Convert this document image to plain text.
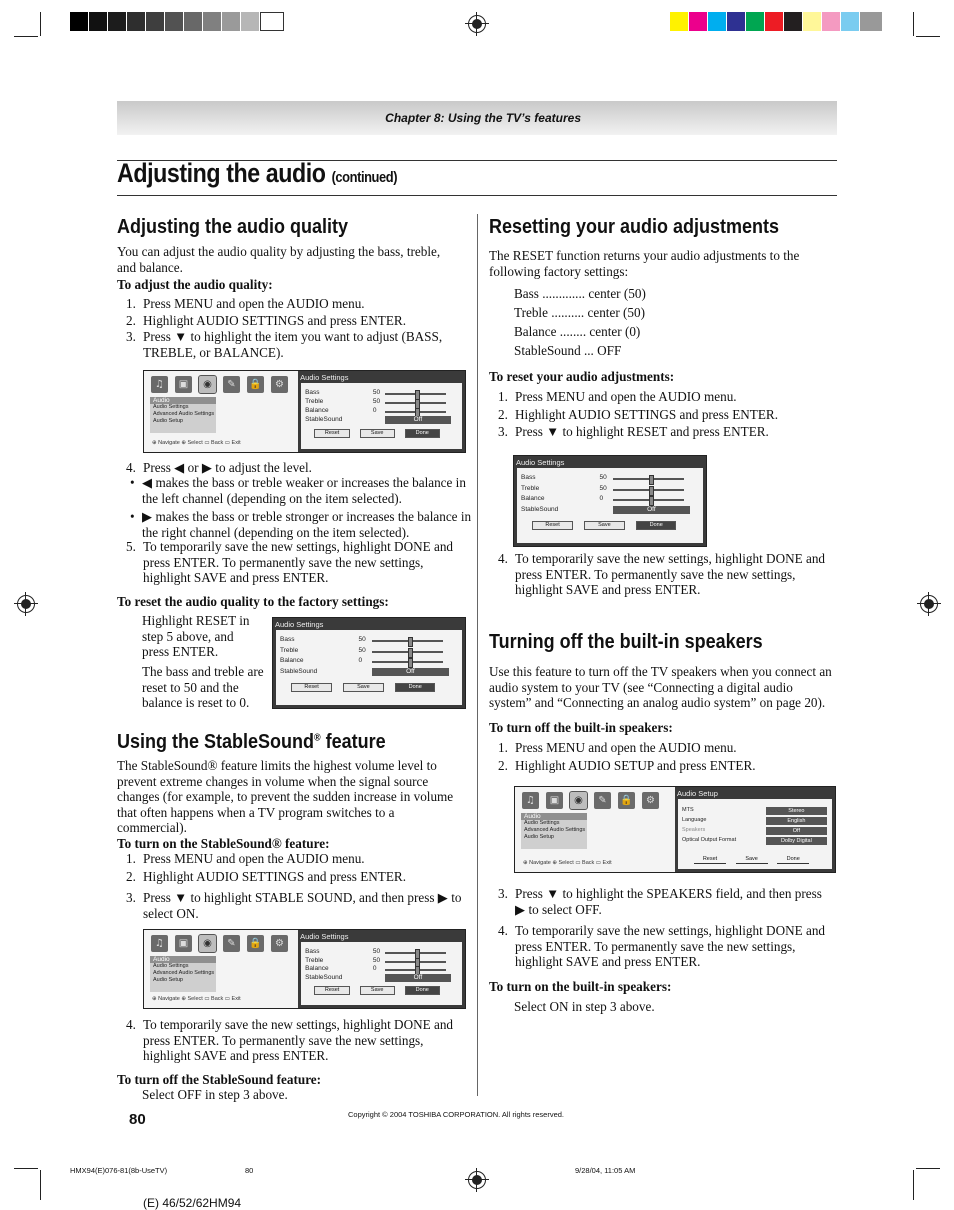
Chapter 8: Using the TV’s features
Adjusting the audio (continued)
Adjusting the audio quality

You can adjust the audio quality by adjusting the bass, treble, and balance.

To adjust the audio quality:

1. Press MENU and open the AUDIO menu.
2. Highlight AUDIO SETTINGS and press ENTER.
3. Press ▼ to highlight the item you want to adjust (BASS, TREBLE, or BALANCE).
♫	▣	◉	✎	🔒	⚙
Audio
Audio Settings
Advanced Audio Settings
Audio Setup
⊕ Navigate ⊕ Select ▭ Back ▭ Exit
Audio Settings
Bass	50
Treble	50
Balance	0
StableSound	Off
Reset	Save	Done
4. Press ◀ or ▶ to adjust the level.

• ◀ makes the bass or treble weaker or increases the balance in the left channel (depending on the item selected).

• ▶ makes the bass or treble stronger or increases the balance in the right channel (depending on the item selected).

5. To temporarily save the new settings, highlight DONE and press ENTER. To permanently save the new settings, highlight SAVE and press ENTER.

To reset the audio quality to the factory settings:

Highlight RESET in step 5 above, and press ENTER.

The bass and treble are reset to 50 and the balance is reset to 0.

Audio Settings
Bass	50
Treble	50
Balance	0
StableSound	Off
Reset	Save	Done
Using the StableSound® feature

The StableSound® feature limits the highest volume level to prevent extreme changes in volume when the signal source changes (for example, to prevent the sudden increase in volume that often happens when a TV program switches to a commercial).

To turn on the StableSound® feature:

1. Press MENU and open the AUDIO menu.
2. Highlight AUDIO SETTINGS and press ENTER.
3. Press ▼ to highlight STABLE SOUND, and then press ▶ to select ON.
♫	▣	◉	✎	🔒	⚙
Audio
Audio Settings
Advanced Audio Settings
Audio Setup
⊕ Navigate ⊕ Select ▭ Back ▭ Exit
Audio Settings
Bass	50
Treble	50
Balance	0
StableSound	Off
Reset	Save	Done
4. To temporarily save the new settings, highlight DONE and press ENTER. To permanently save the new settings, highlight SAVE and press ENTER.

To turn off the StableSound feature:

Select OFF in step 3 above.

Resetting your audio adjustments

The RESET function returns your audio adjustments to the following factory settings:

Bass ............. center (50)
Treble .......... center (50)
Balance ........ center (0)
StableSound ... OFF

To reset your audio adjustments:

1. Press MENU and open the AUDIO menu.
2. Highlight AUDIO SETTINGS and press ENTER.
3. Press ▼ to highlight RESET and press ENTER.
Audio Settings
Bass	50
Treble	50
Balance	0
StableSound	Off
Reset	Save	Done
4. To temporarily save the new settings, highlight DONE and press ENTER. To permanently save the new settings, highlight SAVE and press ENTER.
Turning off the built-in speakers

Use this feature to turn off the TV speakers when you connect an audio system to your TV (see “Connecting a digital audio system” and “Connecting an analog audio system” on page 20).

To turn off the built-in speakers:

1. Press MENU and open the AUDIO menu.
2. Highlight AUDIO SETUP and press ENTER.
♫	▣	◉	✎	🔒	⚙
Audio
Audio Settings
Advanced Audio Settings
Audio Setup
⊕ Navigate ⊕ Select ▭ Back ▭ Exit
Audio Setup
MTS	Stereo
Language	English
Speakers	Off
Optical Output Format	Dolby Digital
Reset	Save	Done
3. Press ▼ to highlight the SPEAKERS field, and then press ▶ to select OFF.
4. To temporarily save the new settings, highlight DONE and press ENTER. To permanently save the new settings, highlight SAVE and press ENTER.

To turn on the built-in speakers:

Select ON in step 3 above.

80	Copyright © 2004 TOSHIBA CORPORATION. All rights reserved.
HMX94(E)076-81(8b-UseTV)	80	9/28/04, 11:05 AM
(E) 46/52/62HM94
